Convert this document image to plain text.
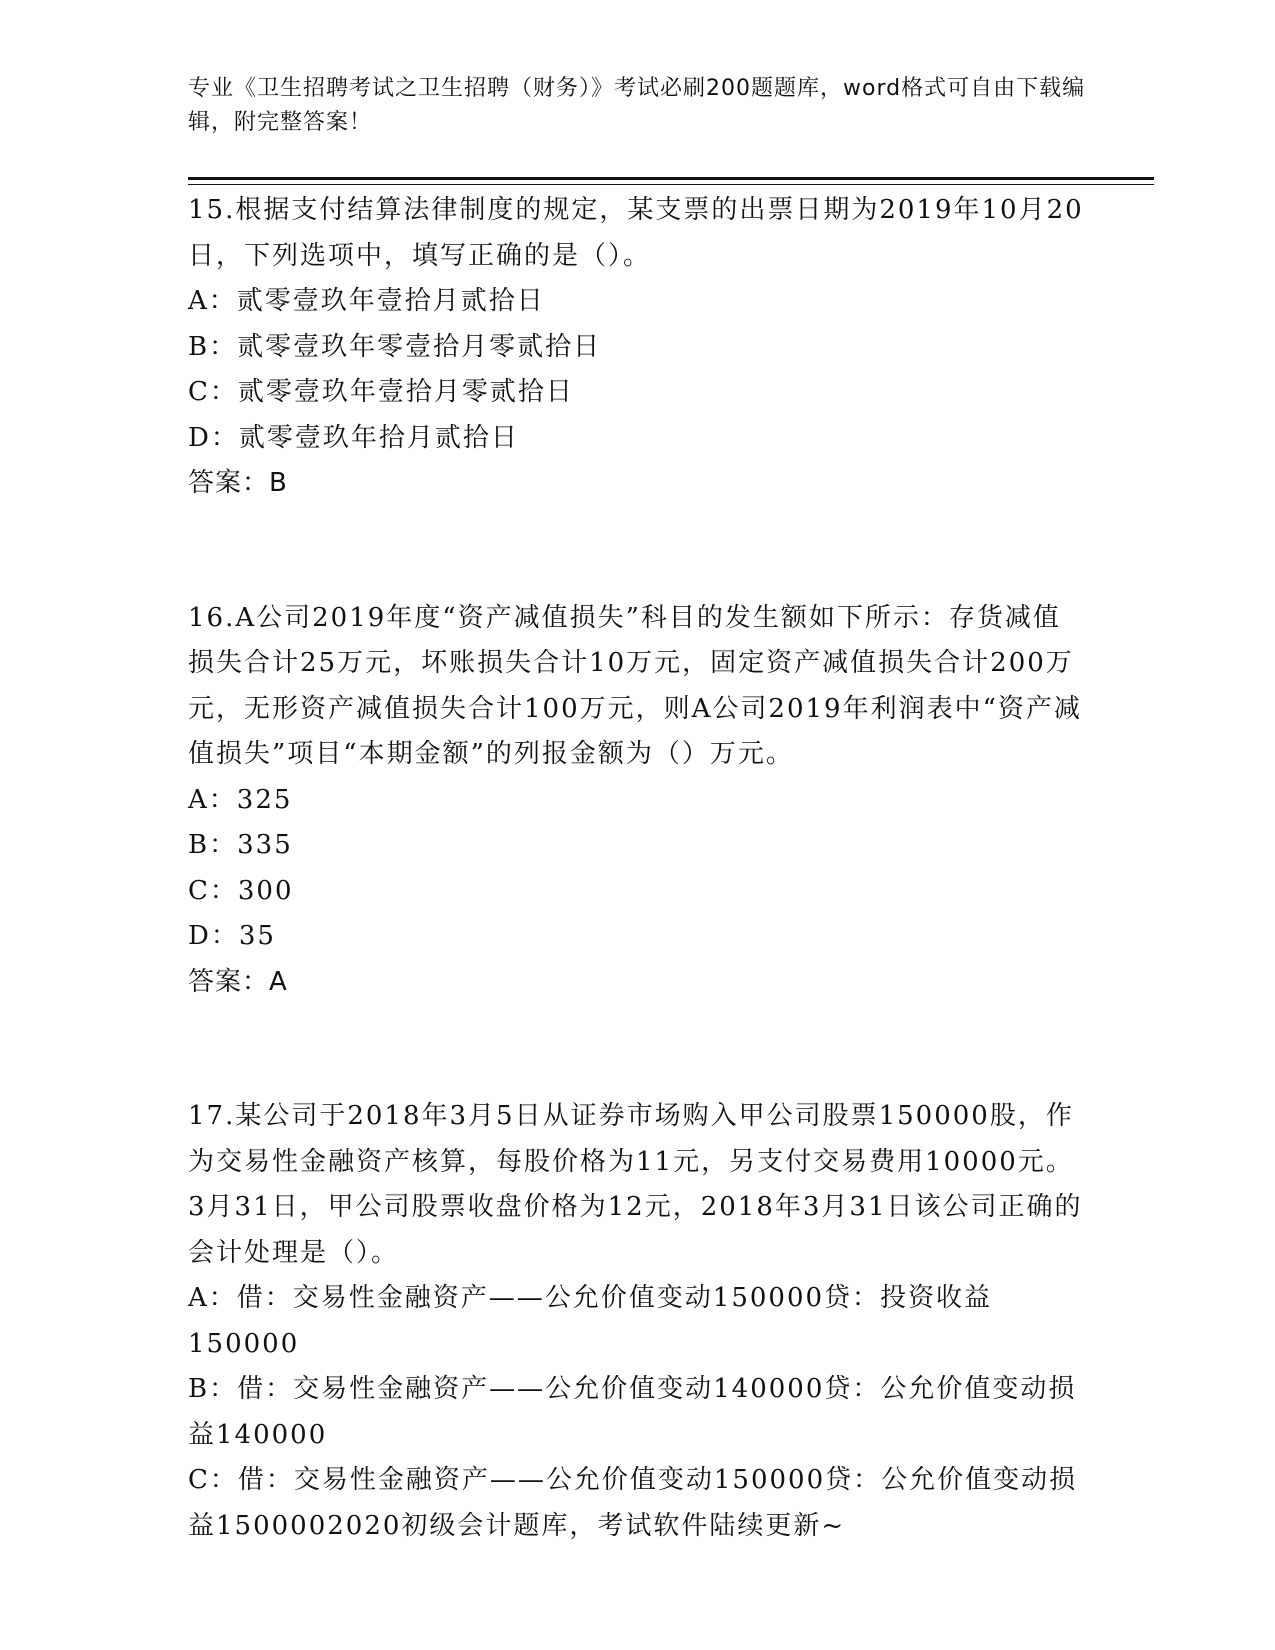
专业《卫生招聘考试之卫生招聘（财务）》考试必刷200题题库，word格式可自由下载编辑，附完整答案！

15.根据支付结算法律制度的规定，某支票的出票日期为2019年10月20日，下列选项中，填写正确的是（）。

A：贰零壹玖年壹拾月贰拾日

B：贰零壹玖年零壹拾月零贰拾日

C：贰零壹玖年壹拾月零贰拾日

D：贰零壹玖年拾月贰拾日

答案：B

16.A公司2019年度“资产减值损失”科目的发生额如下所示：存货减值损失合计25万元，坏账损失合计10万元，固定资产减值损失合计200万元，无形资产减值损失合计100万元，则A公司2019年利润表中“资产减值损失”项目“本期金额”的列报金额为（）万元。

A：325

B：335

C：300

D：35

答案：A

17.某公司于2018年3月5日从证券市场购入甲公司股票150000股，作为交易性金融资产核算，每股价格为11元，另支付交易费用10000元。3月31日，甲公司股票收盘价格为12元，2018年3月31日该公司正确的会计处理是（）。

A：借：交易性金融资产——公允价值变动150000贷：投资收益150000

B：借：交易性金融资产——公允价值变动140000贷：公允价值变动损益140000

C：借：交易性金融资产——公允价值变动150000贷：公允价值变动损益1500002020初级会计题库，考试软件陆续更新~
